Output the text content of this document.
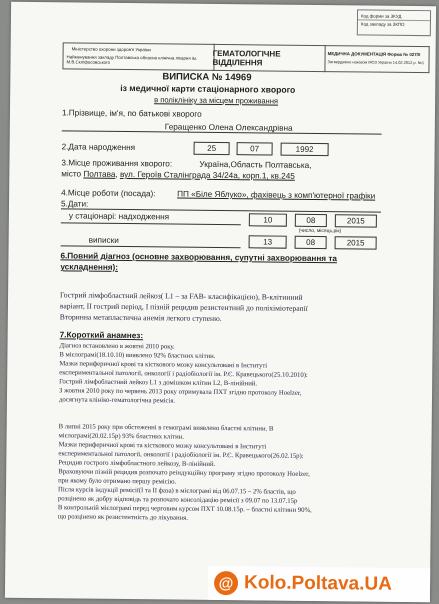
Код форми за ЗКУД
Код закладу за ЗКПО
Міністерство охорони здоров'я України
Найменування закладу Полтавська обласна клінічна лікарня ім. М.В.Скліфосовського
ГЕМАТОЛОГІЧНЕ ВІДДІЛЕННЯ
МЕДИЧНА ДОКУМЕНТАЦІЯ Форма № 027/0
Затверджено наказом МОЗ України 14.02.2012 р. №1
ВИПИСКА № 14969
із медичної карти стаціонарного хворого
в поліклініку за місцем проживання
1.Прізвище, ім'я, по батькові хворого
Геращенко Олена Олександрівна
2.Дата народження	25	07	1992
3.Місце проживання хворого:	Україна,Область Полтавська,
місто Полтава, вул. Героїв Сталінграда 34/24а, корп.1, кв.245
4.Місце роботи (посада):	ПП «Біле Яблуко», фахівець з комп'ютерної графіки
5.Дати:
у стаціонарі: надходження	10	08	2015
(число, місяць,рік)
виписки	13	08	2015
6.Повний діагноз (основне захворювання, супутні захворювання та ускладнення):
Гострий лімфобластний лейкоз( L1 – за FAB- класифікацією), В-клітинний
варіант, ІІ гострий період, І пізній рецидив резистентний до поліхіміотерапії
Вторинна метапластична анемія легкого ступеню.
7.Короткий анамнез:
Діагноз встановлено в жовтні 2010 року.
В мієлограмі(18.10.10) виявлено 92% бластних клітин.
Мазки периферичної крові та кісткового мозку консультовані в Інституті
експериментальної патології, онкології і радіобіології ім. Р.Є. Кравецького(25.10.2010):
Гострий лімфобластний лейкоз L1 з домішком клітин L2, В-лінійний.
З жовтня 2010 року по червень 2013 року отримувала ПХТ згідно протоколу Hoelzer,
досягнута клініко-гематологічна ремісія.
В липні 2015 року при обстеженні в гемограмі виявлено бластні клітини. В
мієлограмі(20.02.15р) 93% бластних клітин.
Мазки периферичної крові та кісткового мозку консультовані в Інституті
експериментальної патології, онкології і радіобіології ім. Р.Є. Кравецького(26.02.15р):
Рецидив гострого лімфобластного лейкозу, В-лінійний.
Враховуючи пізній рецидив розпочато реіндукційну програму згідно протоколу Hoelzer,
при якому було отримано першу ремісію.
Після курсів індукції ремісії(І та ІІ фаза) в мієлограмі від 06.07.15 – 2% бластів, що
розцінено як добру відповідь та розпочато консолідацію ремісії з 09.07 по 13.07.15р
В контрольній мієлограмі перед черговим курсом ПХТ 10.08.15р. – бластні клітини 90%,
що розцінено як резистентність до лікування.
@ Kolo.Poltava.UA
